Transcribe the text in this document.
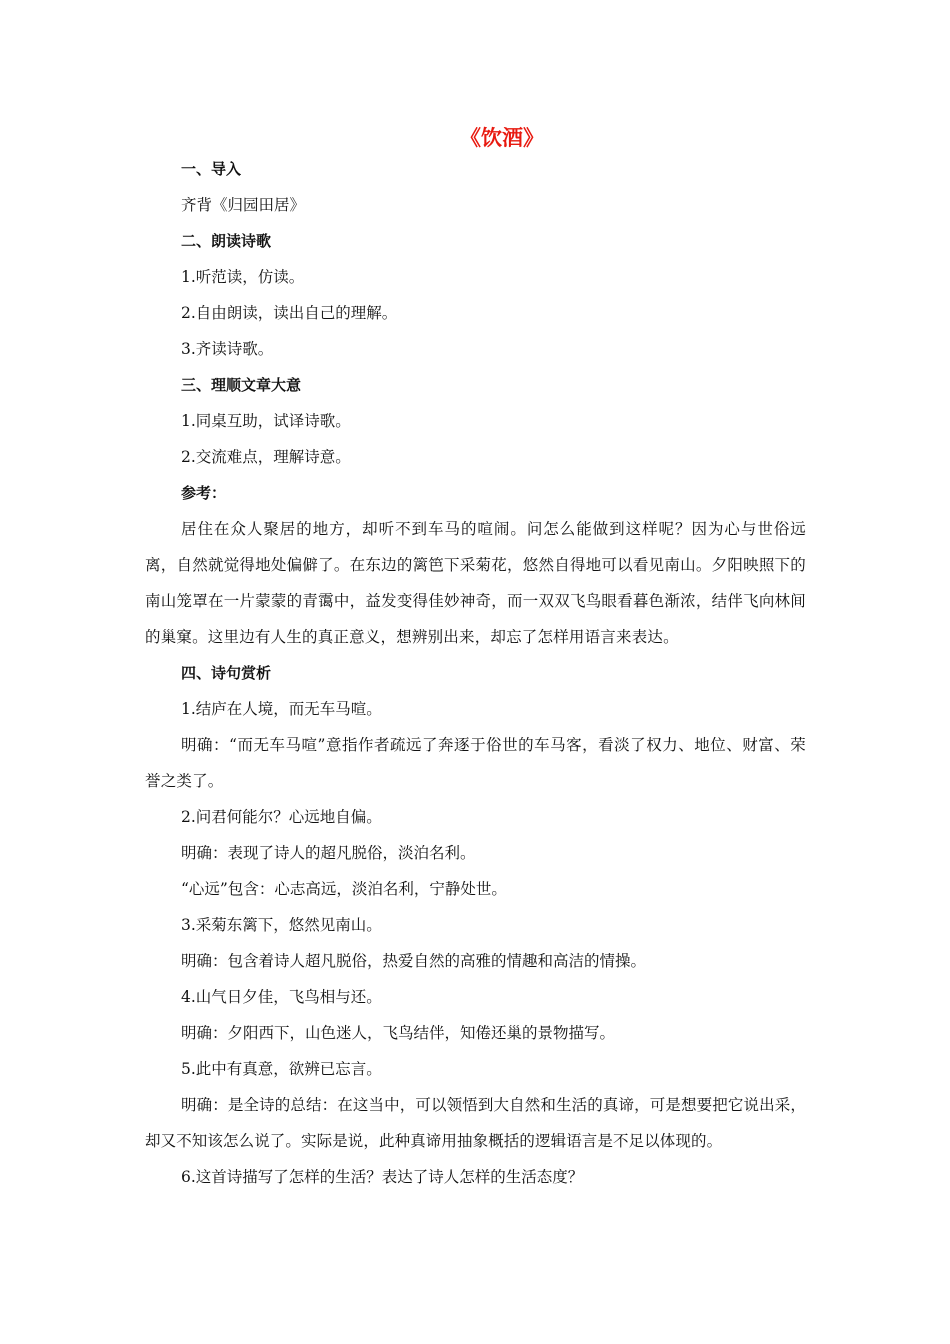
《饮酒》
一、导入
齐背《归园田居》
二、朗读诗歌
1.听范读，仿读。
2.自由朗读，读出自己的理解。
3.齐读诗歌。
三、理顺文章大意
1.同桌互助，试译诗歌。
2.交流难点，理解诗意。
参考：
居住在众人聚居的地方，却听不到车马的喧闹。问怎么能做到这样呢？因为心与世俗远离，自然就觉得地处偏僻了。在东边的篱笆下采菊花，悠然自得地可以看见南山。夕阳映照下的南山笼罩在一片蒙蒙的青霭中，益发变得佳妙神奇，而一双双飞鸟眼看暮色渐浓，结伴飞向林间的巢窠。这里边有人生的真正意义，想辨别出来，却忘了怎样用语言来表达。
四、诗句赏析
1.结庐在人境，而无车马喧。
明确：“而无车马喧”意指作者疏远了奔逐于俗世的车马客，看淡了权力、地位、财富、荣誉之类了。
2.问君何能尔？心远地自偏。
明确：表现了诗人的超凡脱俗，淡泊名利。
“心远”包含：心志高远，淡泊名利，宁静处世。
3.采菊东篱下，悠然见南山。
明确：包含着诗人超凡脱俗，热爱自然的高雅的情趣和高洁的情操。
4.山气日夕佳，飞鸟相与还。
明确：夕阳西下，山色迷人，飞鸟结伴，知倦还巢的景物描写。
5.此中有真意，欲辨已忘言。
明确：是全诗的总结：在这当中，可以领悟到大自然和生活的真谛，可是想要把它说出采，却又不知该怎么说了。实际是说，此种真谛用抽象概括的逻辑语言是不足以体现的。
6.这首诗描写了怎样的生活？表达了诗人怎样的生活态度？
